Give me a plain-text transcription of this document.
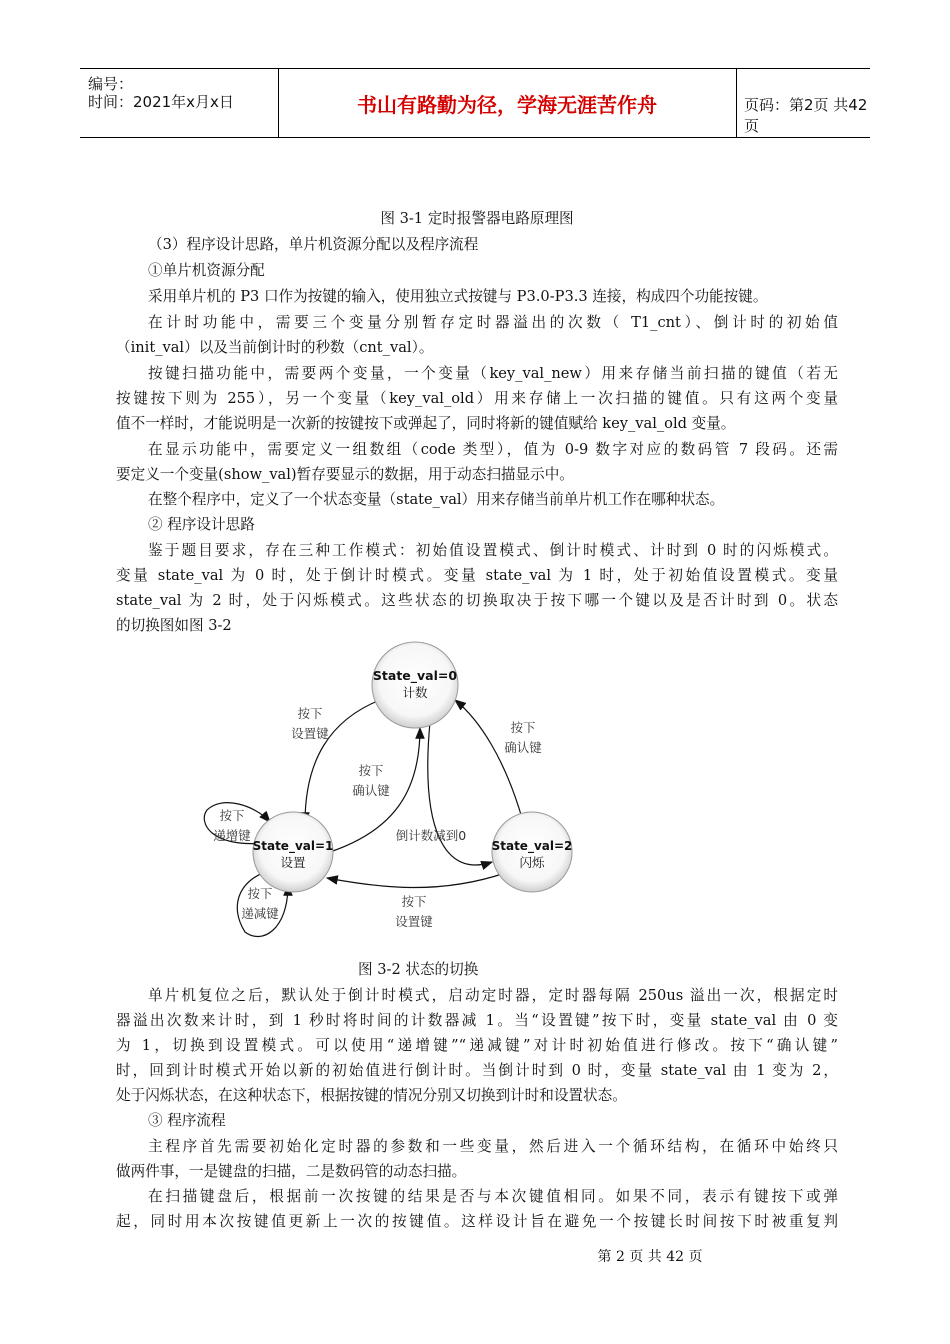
编号：
时间：2021年x月x日	书山有路勤为径，学海无涯苦作舟	页码：第2页 共42页
图 3-1 定时报警器电路原理图
（3）程序设计思路，单片机资源分配以及程序流程
①单片机资源分配
采用单片机的 P3 口作为按键的输入，使用独立式按键与 P3.0-P3.3 连接，构成四个功能按键。
在计时功能中，需要三个变量分别暂存定时器溢出的次数（ T1_cnt）、倒计时的初始值
（init_val）以及当前倒计时的秒数（cnt_val）。
按键扫描功能中，需要两个变量，一个变量（key_val_new）用来存储当前扫描的键值（若无
按键按下则为 255），另一个变量（key_val_old）用来存储上一次扫描的键值。只有这两个变量
值不一样时，才能说明是一次新的按键按下或弹起了，同时将新的键值赋给 key_val_old 变量。
在显示功能中，需要定义一组数组（code 类型），值为 0-9 数字对应的数码管 7 段码。还需
要定义一个变量(show_val)暂存要显示的数据，用于动态扫描显示中。
在整个程序中，定义了一个状态变量（state_val）用来存储当前单片机工作在哪种状态。
② 程序设计思路
鉴于题目要求，存在三种工作模式：初始值设置模式、倒计时模式、计时到 0 时的闪烁模式。
变量 state_val 为 0 时，处于倒计时模式。变量 state_val 为 1 时，处于初始值设置模式。变量
state_val 为 2 时，处于闪烁模式。这些状态的切换取决于按下哪一个键以及是否计时到 0。状态
的切换图如图 3-2
State_val=0
计数
State_val=1
设置
State_val=2
闪烁
按下
设置键
按下
确认键
按下
确认键
倒计数减到0
按下
递增键
按下
递减键
按下
设置键
图 3-2 状态的切换
单片机复位之后，默认处于倒计时模式，启动定时器，定时器每隔 250us 溢出一次，根据定时
器溢出次数来计时，到 1 秒时将时间的计数器减 1。当“设置键”按下时，变量 state_val 由 0 变
为 1，切换到设置模式。可以使用“递增键”“递减键”对计时初始值进行修改。按下“确认键”
时，回到计时模式开始以新的初始值进行倒计时。当倒计时到 0 时，变量 state_val 由 1 变为 2，
处于闪烁状态，在这种状态下，根据按键的情况分别又切换到计时和设置状态。
③ 程序流程
主程序首先需要初始化定时器的参数和一些变量，然后进入一个循环结构，在循环中始终只
做两件事，一是键盘的扫描，二是数码管的动态扫描。
在扫描键盘后，根据前一次按键的结果是否与本次键值相同。如果不同，表示有键按下或弹
起，同时用本次按键值更新上一次的按键值。这样设计旨在避免一个按键长时间按下时被重复判
第 2 页 共 42 页
